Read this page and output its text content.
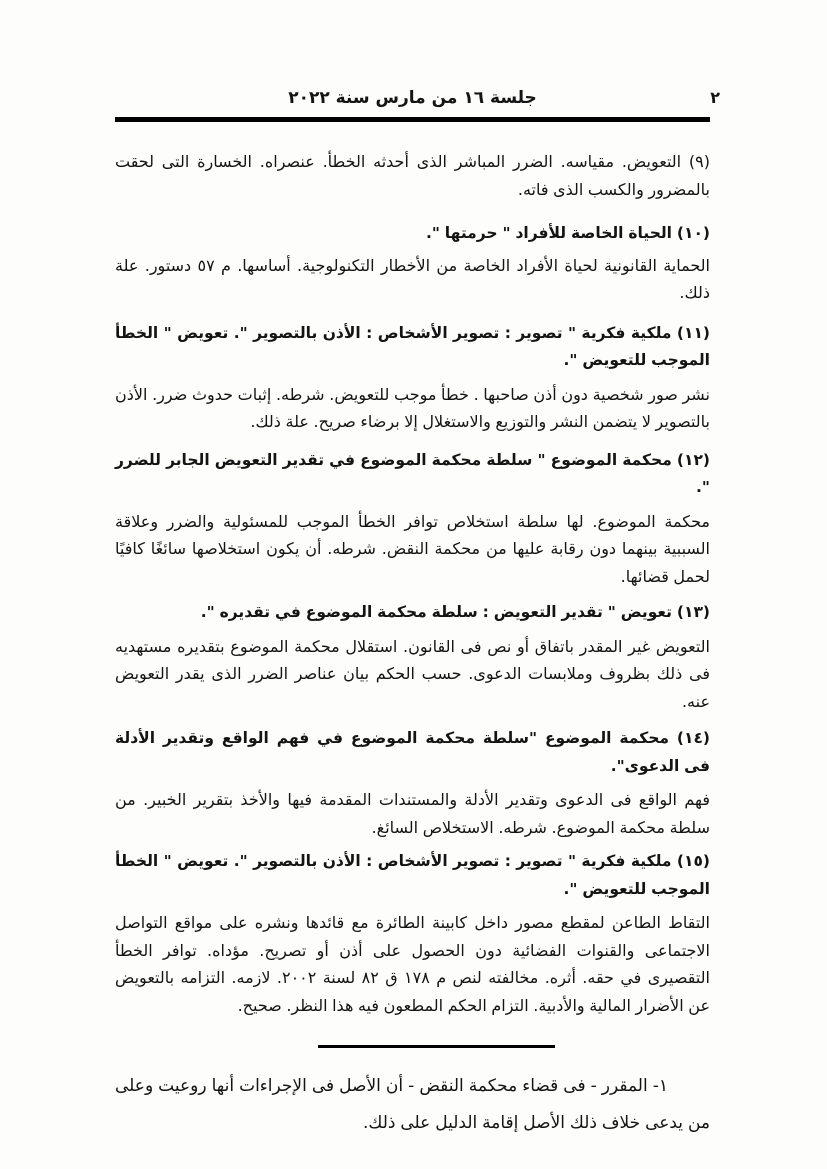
٢
جلسة ١٦ من مارس سنة ٢٠٢٢

(٩) التعويض. مقياسه. الضرر المباشر الذى أحدثه الخطأ. عنصراه. الخسارة التى لحقت بالمضرور والكسب الذى فاته.

(١٠) الحياة الخاصة للأفراد " حرمتها ".

الحماية القانونية لحياة الأفراد الخاصة من الأخطار التكنولوجية. أساسها. م ٥٧ دستور. علة ذلك.

(١١) ملكية فكرية " تصوير : تصوير الأشخاص : الأذن بالتصوير ". تعويض " الخطأ الموجب للتعويض ".

نشر صور شخصية دون أذن صاحبها . خطأ موجب للتعويض. شرطه. إثبات حدوث ضرر. الأذن بالتصوير لا يتضمن النشر والتوزيع والاستغلال إلا برضاء صريح. علة ذلك.

(١٢) محكمة الموضوع " سلطة محكمة الموضوع في تقدير التعويض الجابر للضرر ".

محكمة الموضوع. لها سلطة استخلاص توافر الخطأ الموجب للمسئولية والضرر وعلاقة السببية بينهما دون رقابة عليها من محكمة النقض. شرطه. أن يكون استخلاصها سائغًا كافيًا لحمل قضائها.

(١٣) تعويض " تقدير التعويض : سلطة محكمة الموضوع في تقديره ".

التعويض غير المقدر باتفاق أو نص فى القانون. استقلال محكمة الموضوع بتقديره مستهديه فى ذلك بظروف وملابسات الدعوى. حسب الحكم بيان عناصر الضرر الذى يقدر التعويض عنه.

(١٤) محكمة الموضوع "سلطة محكمة الموضوع في فهم الواقع وتقدير الأدلة فى الدعوى".

فهم الواقع فى الدعوى وتقدير الأدلة والمستندات المقدمة فيها والأخذ بتقرير الخبير. من سلطة محكمة الموضوع. شرطه. الاستخلاص السائغ.

(١٥) ملكية فكرية " تصوير : تصوير الأشخاص : الأذن بالتصوير ". تعويض " الخطأ الموجب للتعويض ".

التقاط الطاعن لمقطع مصور داخل كابينة الطائرة مع قائدها ونشره على مواقع التواصل الاجتماعى والقنوات الفضائية دون الحصول على أذن أو تصريح. مؤداه. توافر الخطأ التقصيرى في حقه. أثره. مخالفته لنص م ١٧٨ ق ٨٢ لسنة ٢٠٠٢. لازمه. التزامه بالتعويض عن الأضرار المالية والأدبية. التزام الحكم المطعون فيه هذا النظر. صحيح.

١- المقرر - فى قضاء محكمة النقض - أن الأصل فى الإجراءات أنها روعيت وعلى من يدعى خلاف ذلك الأصل إقامة الدليل على ذلك.
